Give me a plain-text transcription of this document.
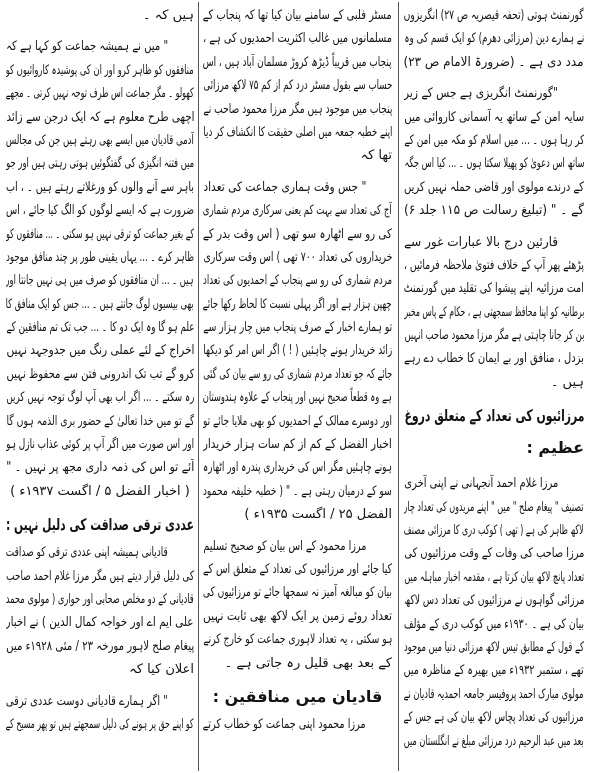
گورنمنٹ ہوتی (تحفہ قیصریہ ص ۲۷) انگریزوں
نے ہمارے دین (مرزائی دھرم) کو ایک قسم کی وہ
مدد دی ہے ۔ (ضرورۃ الامام ص ۲۳)
"گورنمنٹ انگریزی ہے جس کے زیر
سایہ امن کے ساتھ یہ آسمانی کاروائی میں
کر رہا ہوں ۔ ... میں اسلام کو مکہ میں امن کے
ساتھ اس دعویٰ کو پھیلا سکتا ہوں ۔ ... کیا اس جگہ
کے درندے مولوی اور قاضی حملہ نہیں کریں
گے ۔ " (تبلیغ رسالت ص ۱۱۵ جلد ۶)
قارئین درج بالا عبارات غور سے
پڑھئے پھر آپ کے خلاف فتویٰ ملاحظہ فرمائیں ،
امت مرزائیہ اپنے پیشوا کی تقلید میں گورنمنٹ
برطانیہ کو اپنا محافظ سمجھتی ہے ، حکام کے پاس مخبر
بن کر جانا چاہتی ہے مگر مرزا محمود صاحب انہیں
بزدل ، منافق اور بے ایمان کا خطاب دے رہے
ہیں ۔
مرزائیوں کی تعداد کے متعلق دروغ
عظیم :
مرزا غلام احمد آنجہانی نے اپنی آخری
تصنیف " پیغام صلح " میں " اپنے مریدوں کی تعداد چار
لاکھ ظاہر کی ہے ( تھی ) کوکب دری کا مرزائی مصنف
مرزا صاحب کی وفات کے وقت مرزائیوں کی
تعداد پانچ لاکھ بیان کرتا ہے ، مقدمہ اخبار مباہلہ میں
مرزائی گواہوں نے مرزائیوں کی تعداد دس لاکھ
بیان کی ہے ۔ ۱۹۳۰ء میں کوکب دری کے مؤلف
کے قول کے مطابق تیس لاکھ مرزائی دنیا میں موجود
تھے ، ستمبر ۱۹۳۲ء میں بھیرہ کے مناظرہ میں
مولوی مبارک احمد پروفیسر جامعہ احمدیہ قادیان نے
مرزائیوں کی تعداد پچاس لاکھ بیان کی ہے جس کے
بعد میں عبد الرحیم درد مرزائی مبلغ نے انگلستان میں
مسٹر فلبی کے سامنے بیان کیا تھا کہ پنجاب کے
مسلمانوں میں غالب اکثریت احمدیوں کی ہے ،
پنجاب میں قریباً ڈیڑھ کروڑ مسلمان آباد ہیں ، اس
حساب سے بقول مسٹر درد کم از کم ۷۵ لاکھ مرزائی
پنجاب میں موجود ہیں مگر مرزا محمود صاحب نے
اپنے خطبہ جمعہ میں اصلی حقیقت کا انکشاف کر دیا
تھا کہ
" جس وقت ہماری جماعت کی تعداد
آج کی تعداد سے بہت کم یعنی سرکاری مردم شماری
کی رو سے اٹھارہ سو تھی ( اس وقت بدر کے
خریداروں کی تعداد ۷۰۰ تھی ) اس وقت سرکاری
مردم شماری کی رو سے پنجاب کے احمدیوں کی تعداد
چھپن ہزار ہے اور اگر پہلی نسبت کا لحاظ رکھا جائے
تو ہمارے اخبار کے صرف پنجاب میں چار ہزار سے
زائد خریدار ہونے چاہئیں ( ! ) اگر اس امر کو دیکھا
جائے کہ جو تعداد مردم شماری کی رو سے بیان کی گئی
ہے وہ قطعاً صحیح نہیں اور پنجاب کے علاوہ ہندوستان
اور دوسرے ممالک کے احمدیوں کو بھی ملایا جائے تو
اخبار الفضل کے کم از کم سات ہزار خریدار
ہونے چاہئیں مگر اس کی خریداری پندرہ اور اٹھارہ
سو کے درمیان رہتی ہے ۔ " ( خطبہ خلیفہ محمود
الفضل ۲۵ / اگست ۱۹۳۵ء )
مرزا محمود کے اس بیان کو صحیح تسلیم
کیا جائے اور مرزائیوں کی تعداد کے متعلق اس کے
بیان کو مبالغہ آمیز نہ سمجھا جائے تو مرزائیوں کی
تعداد روئے زمین پر ایک لاکھ بھی ثابت نہیں
ہو سکتی ، یہ تعداد لاہوری جماعت کو خارج کرنے
کے بعد بھی قلیل رہ جاتی ہے ۔
قادیان میں منافقین :
مرزا محمود اپنی جماعت کو خطاب کرتے
ہیں کہ ۔
" میں نے ہمیشہ جماعت کو کہا ہے کہ
منافقوں کو ظاہر کرو اور ان کی پوشیدہ کاروائیوں کو
کھولو ۔ مگر جماعت اس طرف توجہ نہیں کرتی ۔ مجھے
اچھی طرح معلوم ہے کہ ایک درجن سے زائد
آدمی قادیان میں ایسے بھی رہتے ہیں جن کی مجالس
میں فتنہ انگیزی کی گفتگوئیں ہوتی رہتی ہیں اور جو
باہر سے آنے والوں کو ورغلاتے رہتے ہیں ۔ ، اب
ضرورت ہے کہ ایسے لوگوں کو الگ کیا جائے ، اس
کے بغیر جماعت کو ترقی نہیں ہو سکتی ۔ ... منافقوں کو
ظاہر کرے ۔ ... یہاں یقینی طور پر چند منافق موجود
ہیں ۔ ... ان منافقوں کو صرف میں ہی نہیں جانتا اور
بھی بیسیوں لوگ جانتے ہیں ۔ ... جس کو ایک منافق کا
علم ہو گا وہ ایک دو کا ۔ ... جب تک تم منافقین کے
اخراج کے لئے عملی رنگ میں جدوجہد نہیں
کرو گے تب تک اندرونی فتن سے محفوظ نہیں
رہ سکتے ۔ ... اگر اب بھی آپ لوگ توجہ نہیں کریں
گے تو میں خدا تعالیٰ کے حضور بری الذمہ ہوں گا
اور اس صورت میں اگر آپ پر کوئی عذاب نازل ہو
آئے تو اس کی ذمہ داری مجھ پر نہیں ۔ "
( اخبار الفضل ۵ / اگست ۱۹۳۷ء )
عددی ترقی صداقت کی دلیل نہیں :
قادیانی ہمیشہ اپنی عددی ترقی کو صداقت
کی دلیل قرار دیتے ہیں مگر مرزا غلام احمد صاحب
قادیانی کے دو مخلص صحابی اور حواری ( مولوی محمد
علی ایم اے اور خواجہ کمال الدین ) نے اخبار
پیغام صلح لاہور مورخہ ۲۳ / مئی ۱۹۲۸ء میں
اعلان کیا کہ
" اگر ہمارے قادیانی دوست عددی ترقی
کو اپنے حق پر ہونے کی دلیل سمجھتے ہیں تو پھر مسیح کے
